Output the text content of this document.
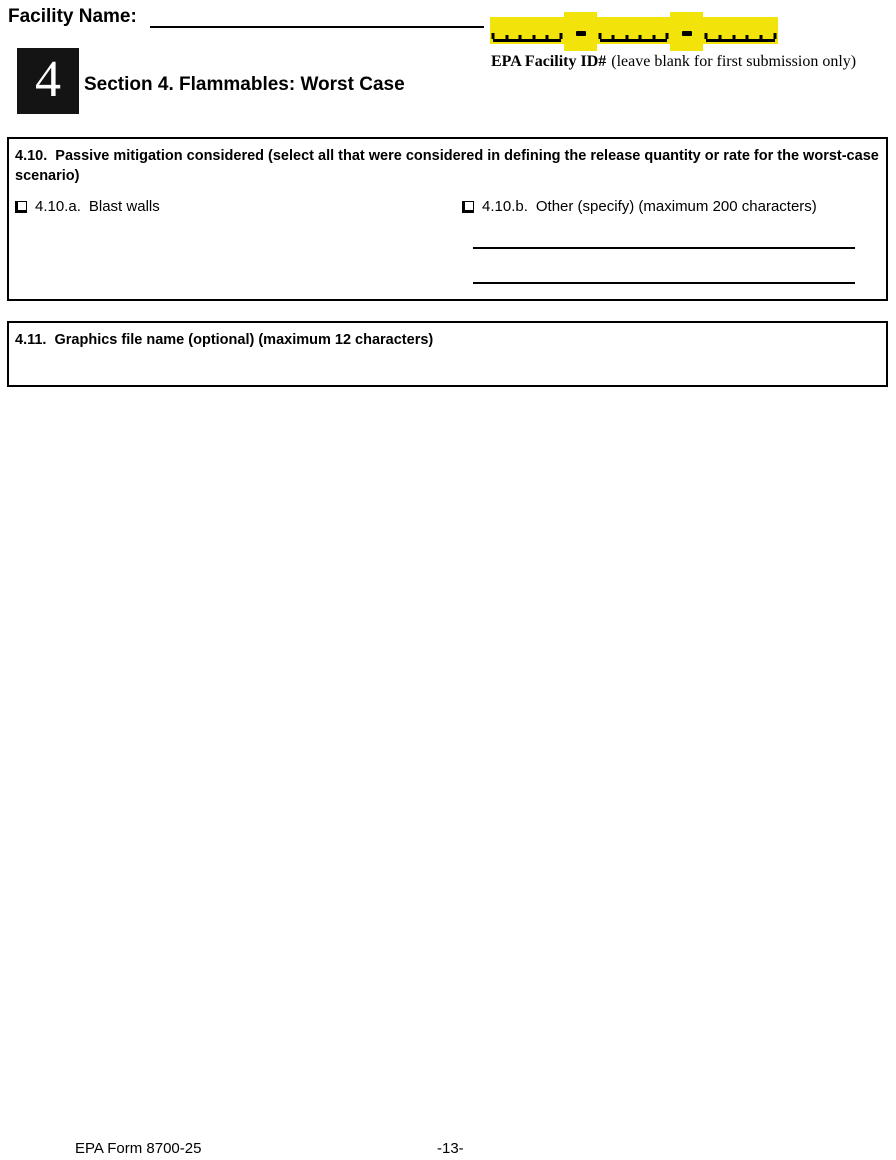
Facility Name:
EPA Facility ID# (leave blank for first submission only)
4	Section 4. Flammables: Worst Case
4.10.  Passive mitigation considered (select all that were considered in defining the release quantity or rate for the worst-case scenario)
4.10.a. Blast walls	4.10.b. Other (specify) (maximum 200 characters)
4.11.  Graphics file name (optional) (maximum 12 characters)
EPA Form 8700-25	-13-
